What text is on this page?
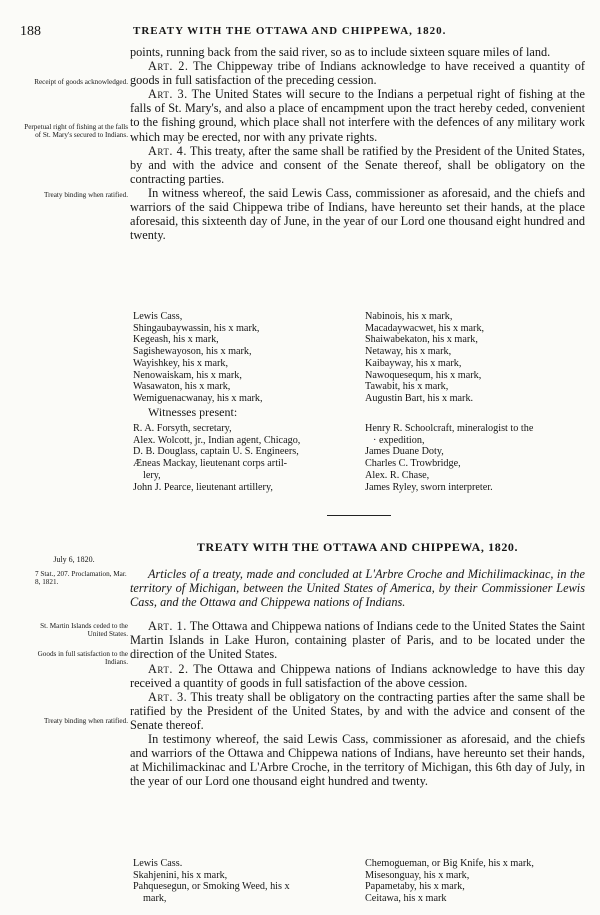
188	TREATY WITH THE OTTAWA AND CHIPPEWA, 1820.

points, running back from the said river, so as to include sixteen square miles of land.

Art. 2. The Chippeway tribe of Indians acknowledge to have received a quantity of goods in full satisfaction of the preceding cession.

Art. 3. The United States will secure to the Indians a perpetual right of fishing at the falls of St. Mary's, and also a place of encampment upon the tract hereby ceded, convenient to the fishing ground, which place shall not interfere with the defences of any military work which may be erected, nor with any private rights.

Art. 4. This treaty, after the same shall be ratified by the President of the United States, by and with the advice and consent of the Senate thereof, shall be obligatory on the contracting parties.

In witness whereof, the said Lewis Cass, commissioner as aforesaid, and the chiefs and warriors of the said Chippewa tribe of Indians, have hereunto set their hands, at the place aforesaid, this sixteenth day of June, in the year of our Lord one thousand eight hundred and twenty.

Receipt of goods acknowledged.
Perpetual right of fishing at the falls of St. Mary's secured to Indians.
Treaty binding when ratified.
Lewis Cass,
Shingaubaywassin, his x mark,
Kegeash, his x mark,
Sagishewayoson, his x mark,
Wayishkey, his x mark,
Nenowaiskam, his x mark,
Wasawaton, his x mark,
Wemiguenacwanay, his x mark,
Nabinois, his x mark,
Macadaywacwet, his x mark,
Shaiwabekaton, his x mark,
Netaway, his x mark,
Kaibayway, his x mark,
Nawoquesequm, his x mark,
Tawabit, his x mark,
Augustin Bart, his x mark.
Witnesses present:
R. A. Forsyth, secretary,
Alex. Wolcott, jr., Indian agent, Chicago,
D. B. Douglass, captain U. S. Engineers,
Æneas Mackay, lieutenant corps artil-
lery,
John J. Pearce, lieutenant artillery,
Henry R. Schoolcraft, mineralogist to the
· expedition,
James Duane Doty,
Charles C. Trowbridge,
Alex. R. Chase,
James Ryley, sworn interpreter.
July 6, 1820.
7 Stat., 207. Proclamation, Mar. 8, 1821.
TREATY WITH THE OTTAWA AND CHIPPEWA, 1820.

Articles of a treaty, made and concluded at L'Arbre Croche and Michilimackinac, in the territory of Michigan, between the United States of America, by their Commissioner Lewis Cass, and the Ottawa and Chippewa nations of Indians.

Art. 1. The Ottawa and Chippewa nations of Indians cede to the United States the Saint Martin Islands in Lake Huron, containing plaster of Paris, and to be located under the direction of the United States.

Art. 2. The Ottawa and Chippewa nations of Indians acknowledge to have this day received a quantity of goods in full satisfaction of the above cession.

Art. 3. This treaty shall be obligatory on the contracting parties after the same shall be ratified by the President of the United States, by and with the advice and consent of the Senate thereof.

In testimony whereof, the said Lewis Cass, commissioner as aforesaid, and the chiefs and warriors of the Ottawa and Chippewa nations of Indians, have hereunto set their hands, at Michilimackinac and L'Arbre Croche, in the territory of Michigan, this 6th day of July, in the year of our Lord one thousand eight hundred and twenty.

St. Martin Islands ceded to the United States.
Goods in full satisfaction to the Indians.
Treaty binding when ratified.
Lewis Cass.
Skahjenini, his x mark,
Pahquesegun, or Smoking Weed, his x
mark,
Chemogueman, or Big Knife, his x mark,
Misesonguay, his x mark,
Papametaby, his x mark,
Ceitawa, his x mark
